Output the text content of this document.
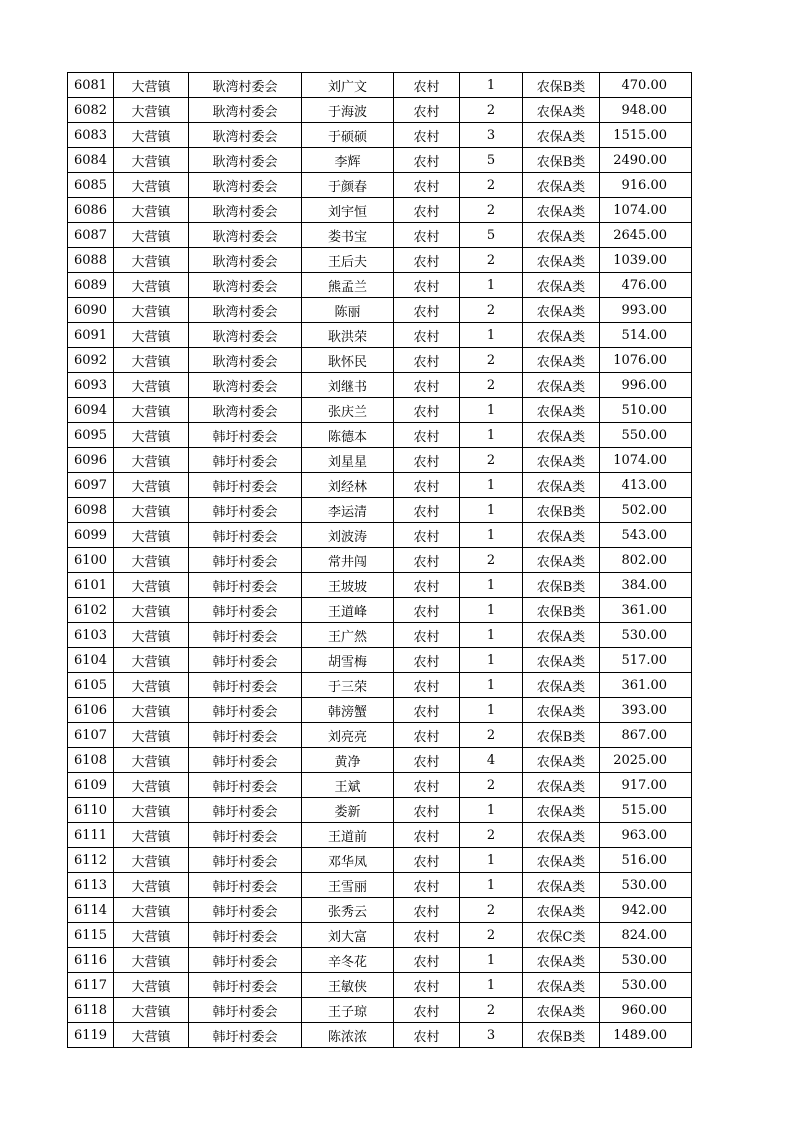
6081	大营镇	耿湾村委会	刘广文	农村	1	农保B类	470.00
6082	大营镇	耿湾村委会	于海波	农村	2	农保A类	948.00
6083	大营镇	耿湾村委会	于硕硕	农村	3	农保A类	1515.00
6084	大营镇	耿湾村委会	李辉	农村	5	农保B类	2490.00
6085	大营镇	耿湾村委会	于颜春	农村	2	农保A类	916.00
6086	大营镇	耿湾村委会	刘宇恒	农村	2	农保A类	1074.00
6087	大营镇	耿湾村委会	娄书宝	农村	5	农保A类	2645.00
6088	大营镇	耿湾村委会	王后夫	农村	2	农保A类	1039.00
6089	大营镇	耿湾村委会	熊孟兰	农村	1	农保A类	476.00
6090	大营镇	耿湾村委会	陈丽	农村	2	农保A类	993.00
6091	大营镇	耿湾村委会	耿洪荣	农村	1	农保A类	514.00
6092	大营镇	耿湾村委会	耿怀民	农村	2	农保A类	1076.00
6093	大营镇	耿湾村委会	刘继书	农村	2	农保A类	996.00
6094	大营镇	耿湾村委会	张庆兰	农村	1	农保A类	510.00
6095	大营镇	韩圩村委会	陈德本	农村	1	农保A类	550.00
6096	大营镇	韩圩村委会	刘星星	农村	2	农保A类	1074.00
6097	大营镇	韩圩村委会	刘经林	农村	1	农保A类	413.00
6098	大营镇	韩圩村委会	李运清	农村	1	农保B类	502.00
6099	大营镇	韩圩村委会	刘波涛	农村	1	农保A类	543.00
6100	大营镇	韩圩村委会	常井闯	农村	2	农保A类	802.00
6101	大营镇	韩圩村委会	王坡坡	农村	1	农保B类	384.00
6102	大营镇	韩圩村委会	王道峰	农村	1	农保B类	361.00
6103	大营镇	韩圩村委会	王广然	农村	1	农保A类	530.00
6104	大营镇	韩圩村委会	胡雪梅	农村	1	农保A类	517.00
6105	大营镇	韩圩村委会	于三荣	农村	1	农保A类	361.00
6106	大营镇	韩圩村委会	韩滂蟹	农村	1	农保A类	393.00
6107	大营镇	韩圩村委会	刘亮亮	农村	2	农保B类	867.00
6108	大营镇	韩圩村委会	黄净	农村	4	农保A类	2025.00
6109	大营镇	韩圩村委会	王斌	农村	2	农保A类	917.00
6110	大营镇	韩圩村委会	娄新	农村	1	农保A类	515.00
6111	大营镇	韩圩村委会	王道前	农村	2	农保A类	963.00
6112	大营镇	韩圩村委会	邓华凤	农村	1	农保A类	516.00
6113	大营镇	韩圩村委会	王雪丽	农村	1	农保A类	530.00
6114	大营镇	韩圩村委会	张秀云	农村	2	农保A类	942.00
6115	大营镇	韩圩村委会	刘大富	农村	2	农保C类	824.00
6116	大营镇	韩圩村委会	辛冬花	农村	1	农保A类	530.00
6117	大营镇	韩圩村委会	王敏侠	农村	1	农保A类	530.00
6118	大营镇	韩圩村委会	王子琼	农村	2	农保A类	960.00
6119	大营镇	韩圩村委会	陈浓浓	农村	3	农保B类	1489.00
